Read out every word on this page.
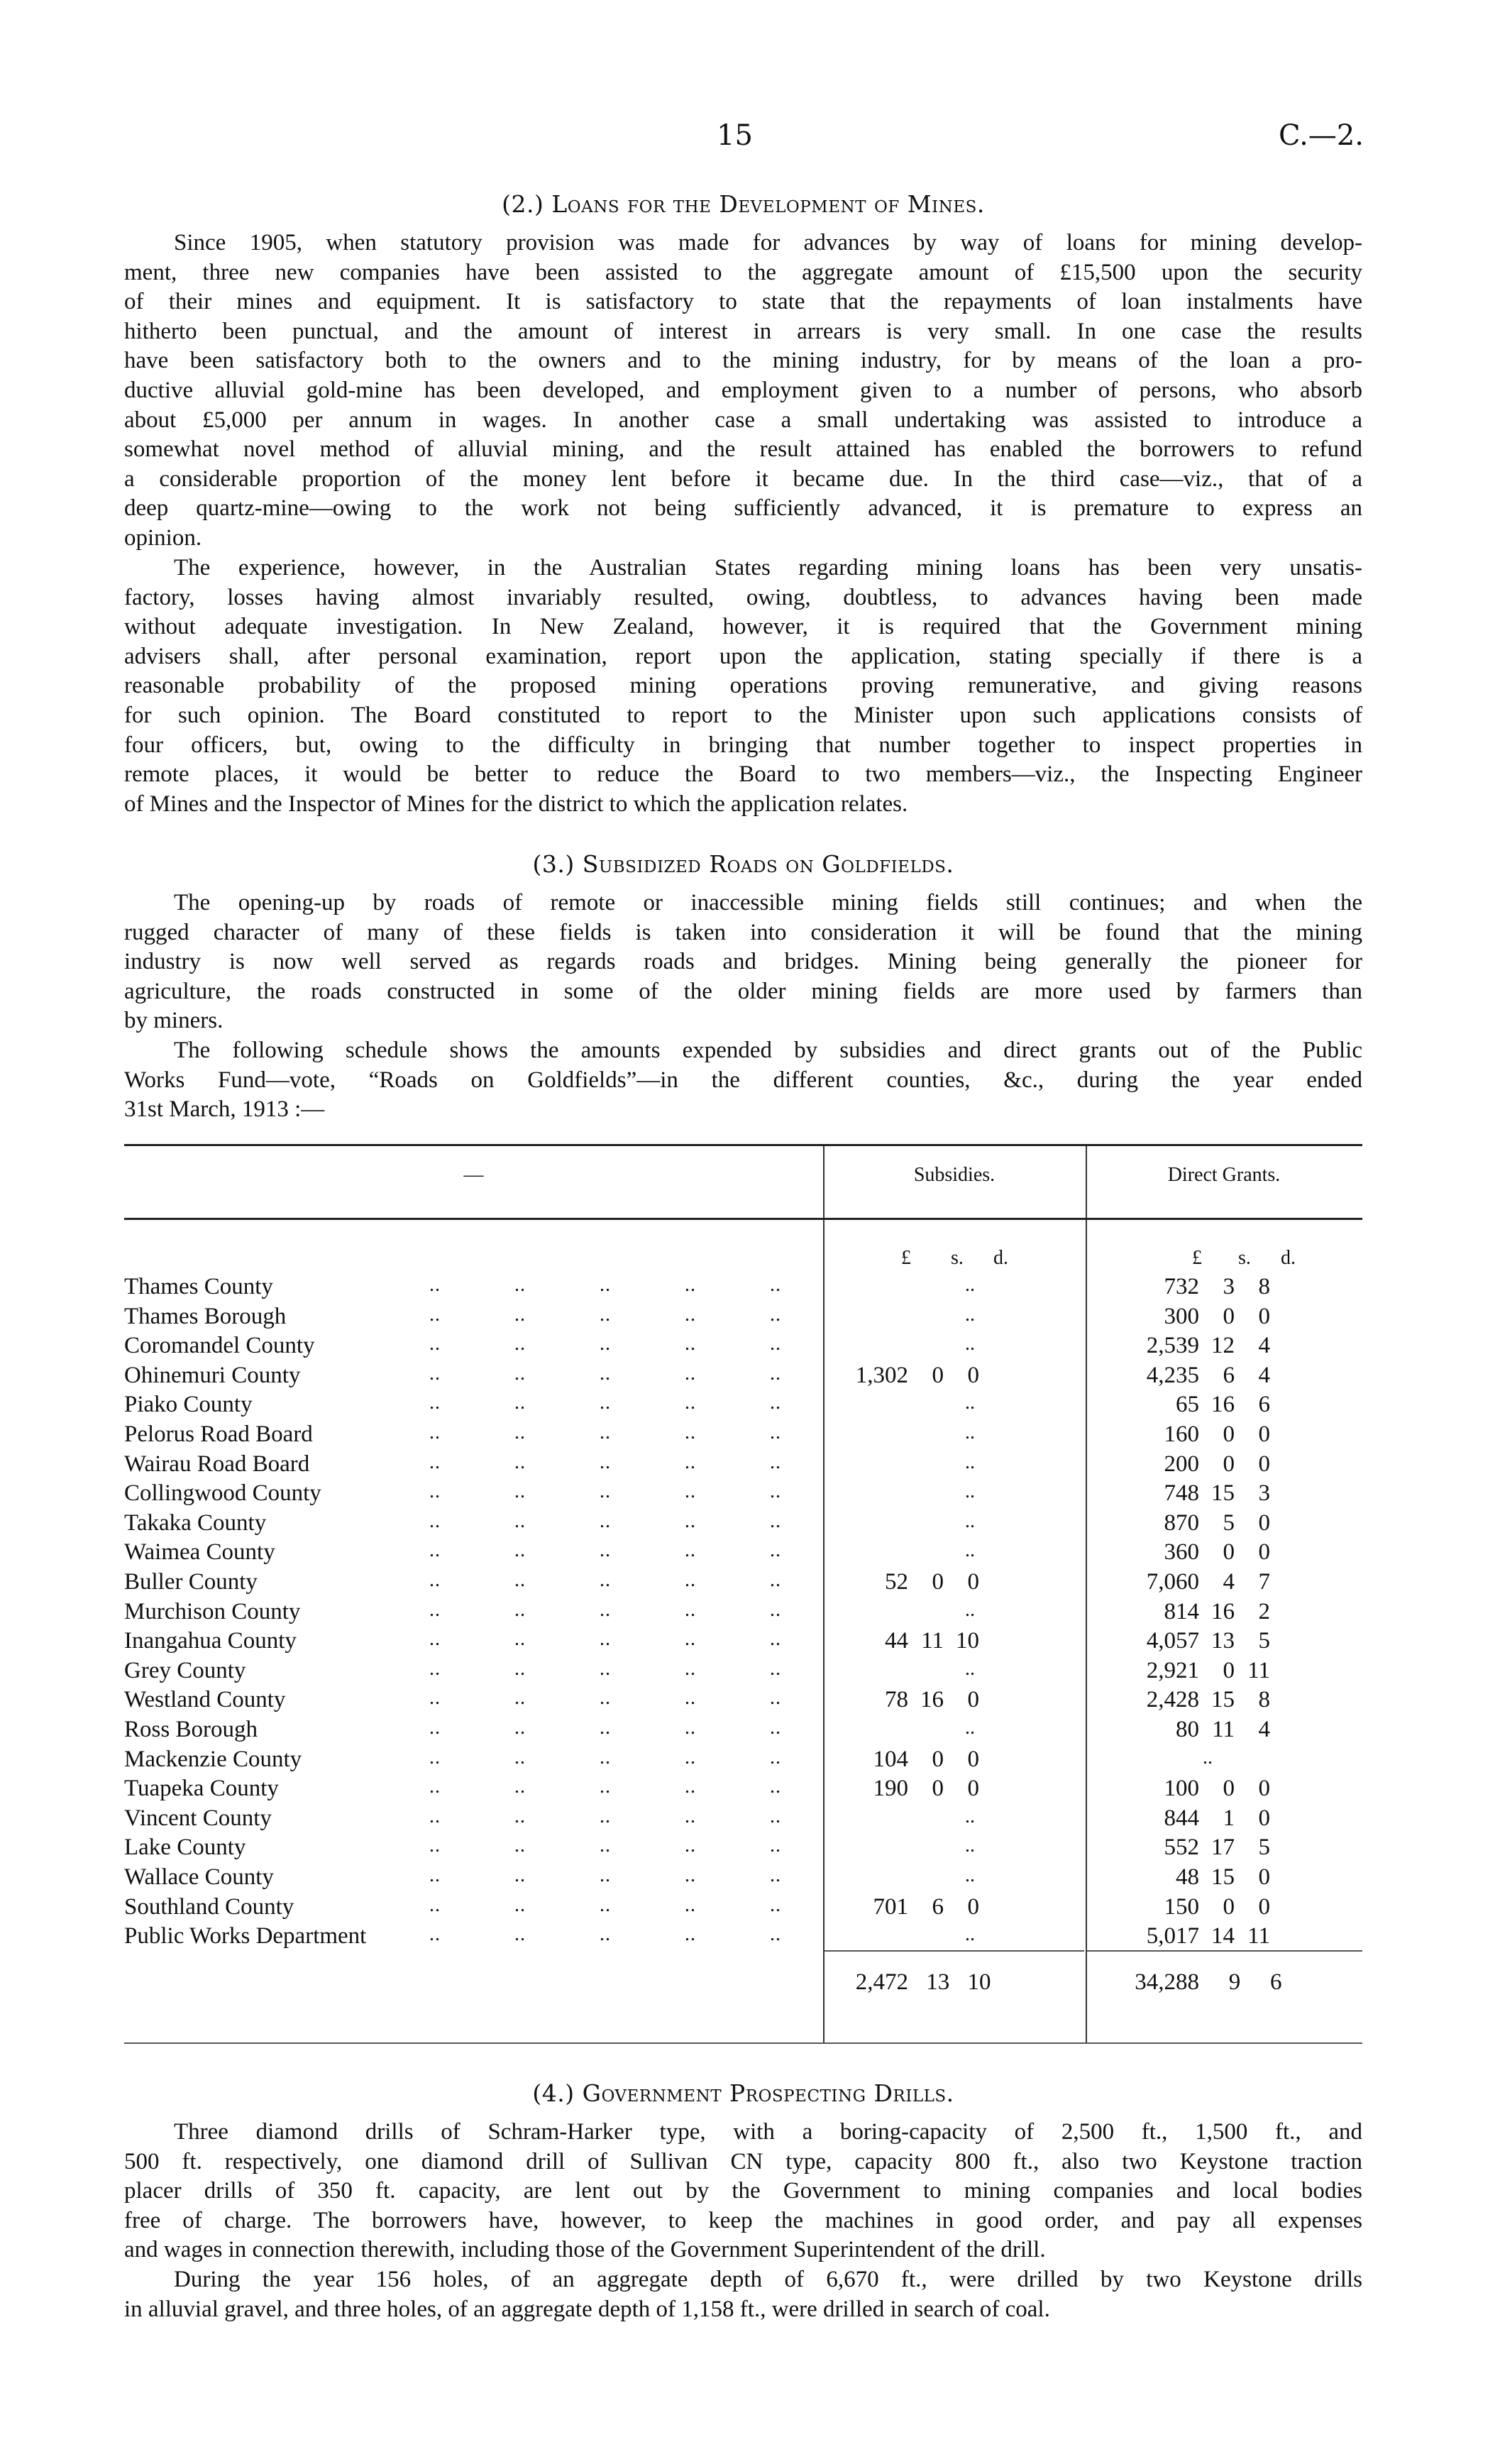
15	C.—2.
(2.) Loans for the Development of Mines.
Since 1905, when statutory provision was made for advances by way of loans for mining develop-
ment, three new companies have been assisted to the aggregate amount of £15,500 upon the security
of their mines and equipment. It is satisfactory to state that the repayments of loan instalments have
hitherto been punctual, and the amount of interest in arrears is very small. In one case the results
have been satisfactory both to the owners and to the mining industry, for by means of the loan a pro-
ductive alluvial gold-mine has been developed, and employment given to a number of persons, who absorb
about £5,000 per annum in wages. In another case a small undertaking was assisted to introduce a
somewhat novel method of alluvial mining, and the result attained has enabled the borrowers to refund
a considerable proportion of the money lent before it became due. In the third case—viz., that of a
deep quartz-mine—owing to the work not being sufficiently advanced, it is premature to express an
opinion.
The experience, however, in the Australian States regarding mining loans has been very unsatis-
factory, losses having almost invariably resulted, owing, doubtless, to advances having been made
without adequate investigation. In New Zealand, however, it is required that the Government mining
advisers shall, after personal examination, report upon the application, stating specially if there is a
reasonable probability of the proposed mining operations proving remunerative, and giving reasons
for such opinion. The Board constituted to report to the Minister upon such applications consists of
four officers, but, owing to the difficulty in bringing that number together to inspect properties in
remote places, it would be better to reduce the Board to two members—viz., the Inspecting Engineer
of Mines and the Inspector of Mines for the district to which the application relates.
(3.) Subsidized Roads on Goldfields.
The opening-up by roads of remote or inaccessible mining fields still continues; and when the
rugged character of many of these fields is taken into consideration it will be found that the mining
industry is now well served as regards roads and bridges. Mining being generally the pioneer for
agriculture, the roads constructed in some of the older mining fields are more used by farmers than
by miners.
The following schedule shows the amounts expended by subsidies and direct grants out of the Public
Works Fund—vote, “Roads on Goldfields”—in the different counties, &c., during the year ended
31st March, 1913 :—
—	Subsidies.	Direct Grants.
£ s. d.	£ s. d.
Thames County	..	..	..	..	..	..	732 3 8
Thames Borough	..	..	..	..	..	..	300 0 0
Coromandel County	..	..	..	..	..	..	2,539 12 4
Ohinemuri County	..	..	..	..	..	1,302 0 0	4,235 6 4
Piako County	..	..	..	..	..	..	65 16 6
Pelorus Road Board	..	..	..	..	..	..	160 0 0
Wairau Road Board	..	..	..	..	..	..	200 0 0
Collingwood County	..	..	..	..	..	..	748 15 3
Takaka County	..	..	..	..	..	..	870 5 0
Waimea County	..	..	..	..	..	..	360 0 0
Buller County	..	..	..	..	..	52 0 0	7,060 4 7
Murchison County	..	..	..	..	..	..	814 16 2
Inangahua County	..	..	..	..	..	44 11 10	4,057 13 5
Grey County	..	..	..	..	..	..	2,921 0 11
Westland County	..	..	..	..	..	78 16 0	2,428 15 8
Ross Borough	..	..	..	..	..	..	80 11 4
Mackenzie County	..	..	..	..	..	104 0 0	..
Tuapeka County	..	..	..	..	..	190 0 0	100 0 0
Vincent County	..	..	..	..	..	..	844 1 0
Lake County	..	..	..	..	..	..	552 17 5
Wallace County	..	..	..	..	..	..	48 15 0
Southland County	..	..	..	..	..	701 6 0	150 0 0
Public Works Department	..	..	..	..	..	..	5,017 14 11
2,472 13 10	34,288 9 6
(4.) Government Prospecting Drills.
Three diamond drills of Schram-Harker type, with a boring-capacity of 2,500 ft., 1,500 ft., and
500 ft. respectively, one diamond drill of Sullivan CN type, capacity 800 ft., also two Keystone traction
placer drills of 350 ft. capacity, are lent out by the Government to mining companies and local bodies
free of charge. The borrowers have, however, to keep the machines in good order, and pay all expenses
and wages in connection therewith, including those of the Government Superintendent of the drill.
During the year 156 holes, of an aggregate depth of 6,670 ft., were drilled by two Keystone drills
in alluvial gravel, and three holes, of an aggregate depth of 1,158 ft., were drilled in search of coal.
